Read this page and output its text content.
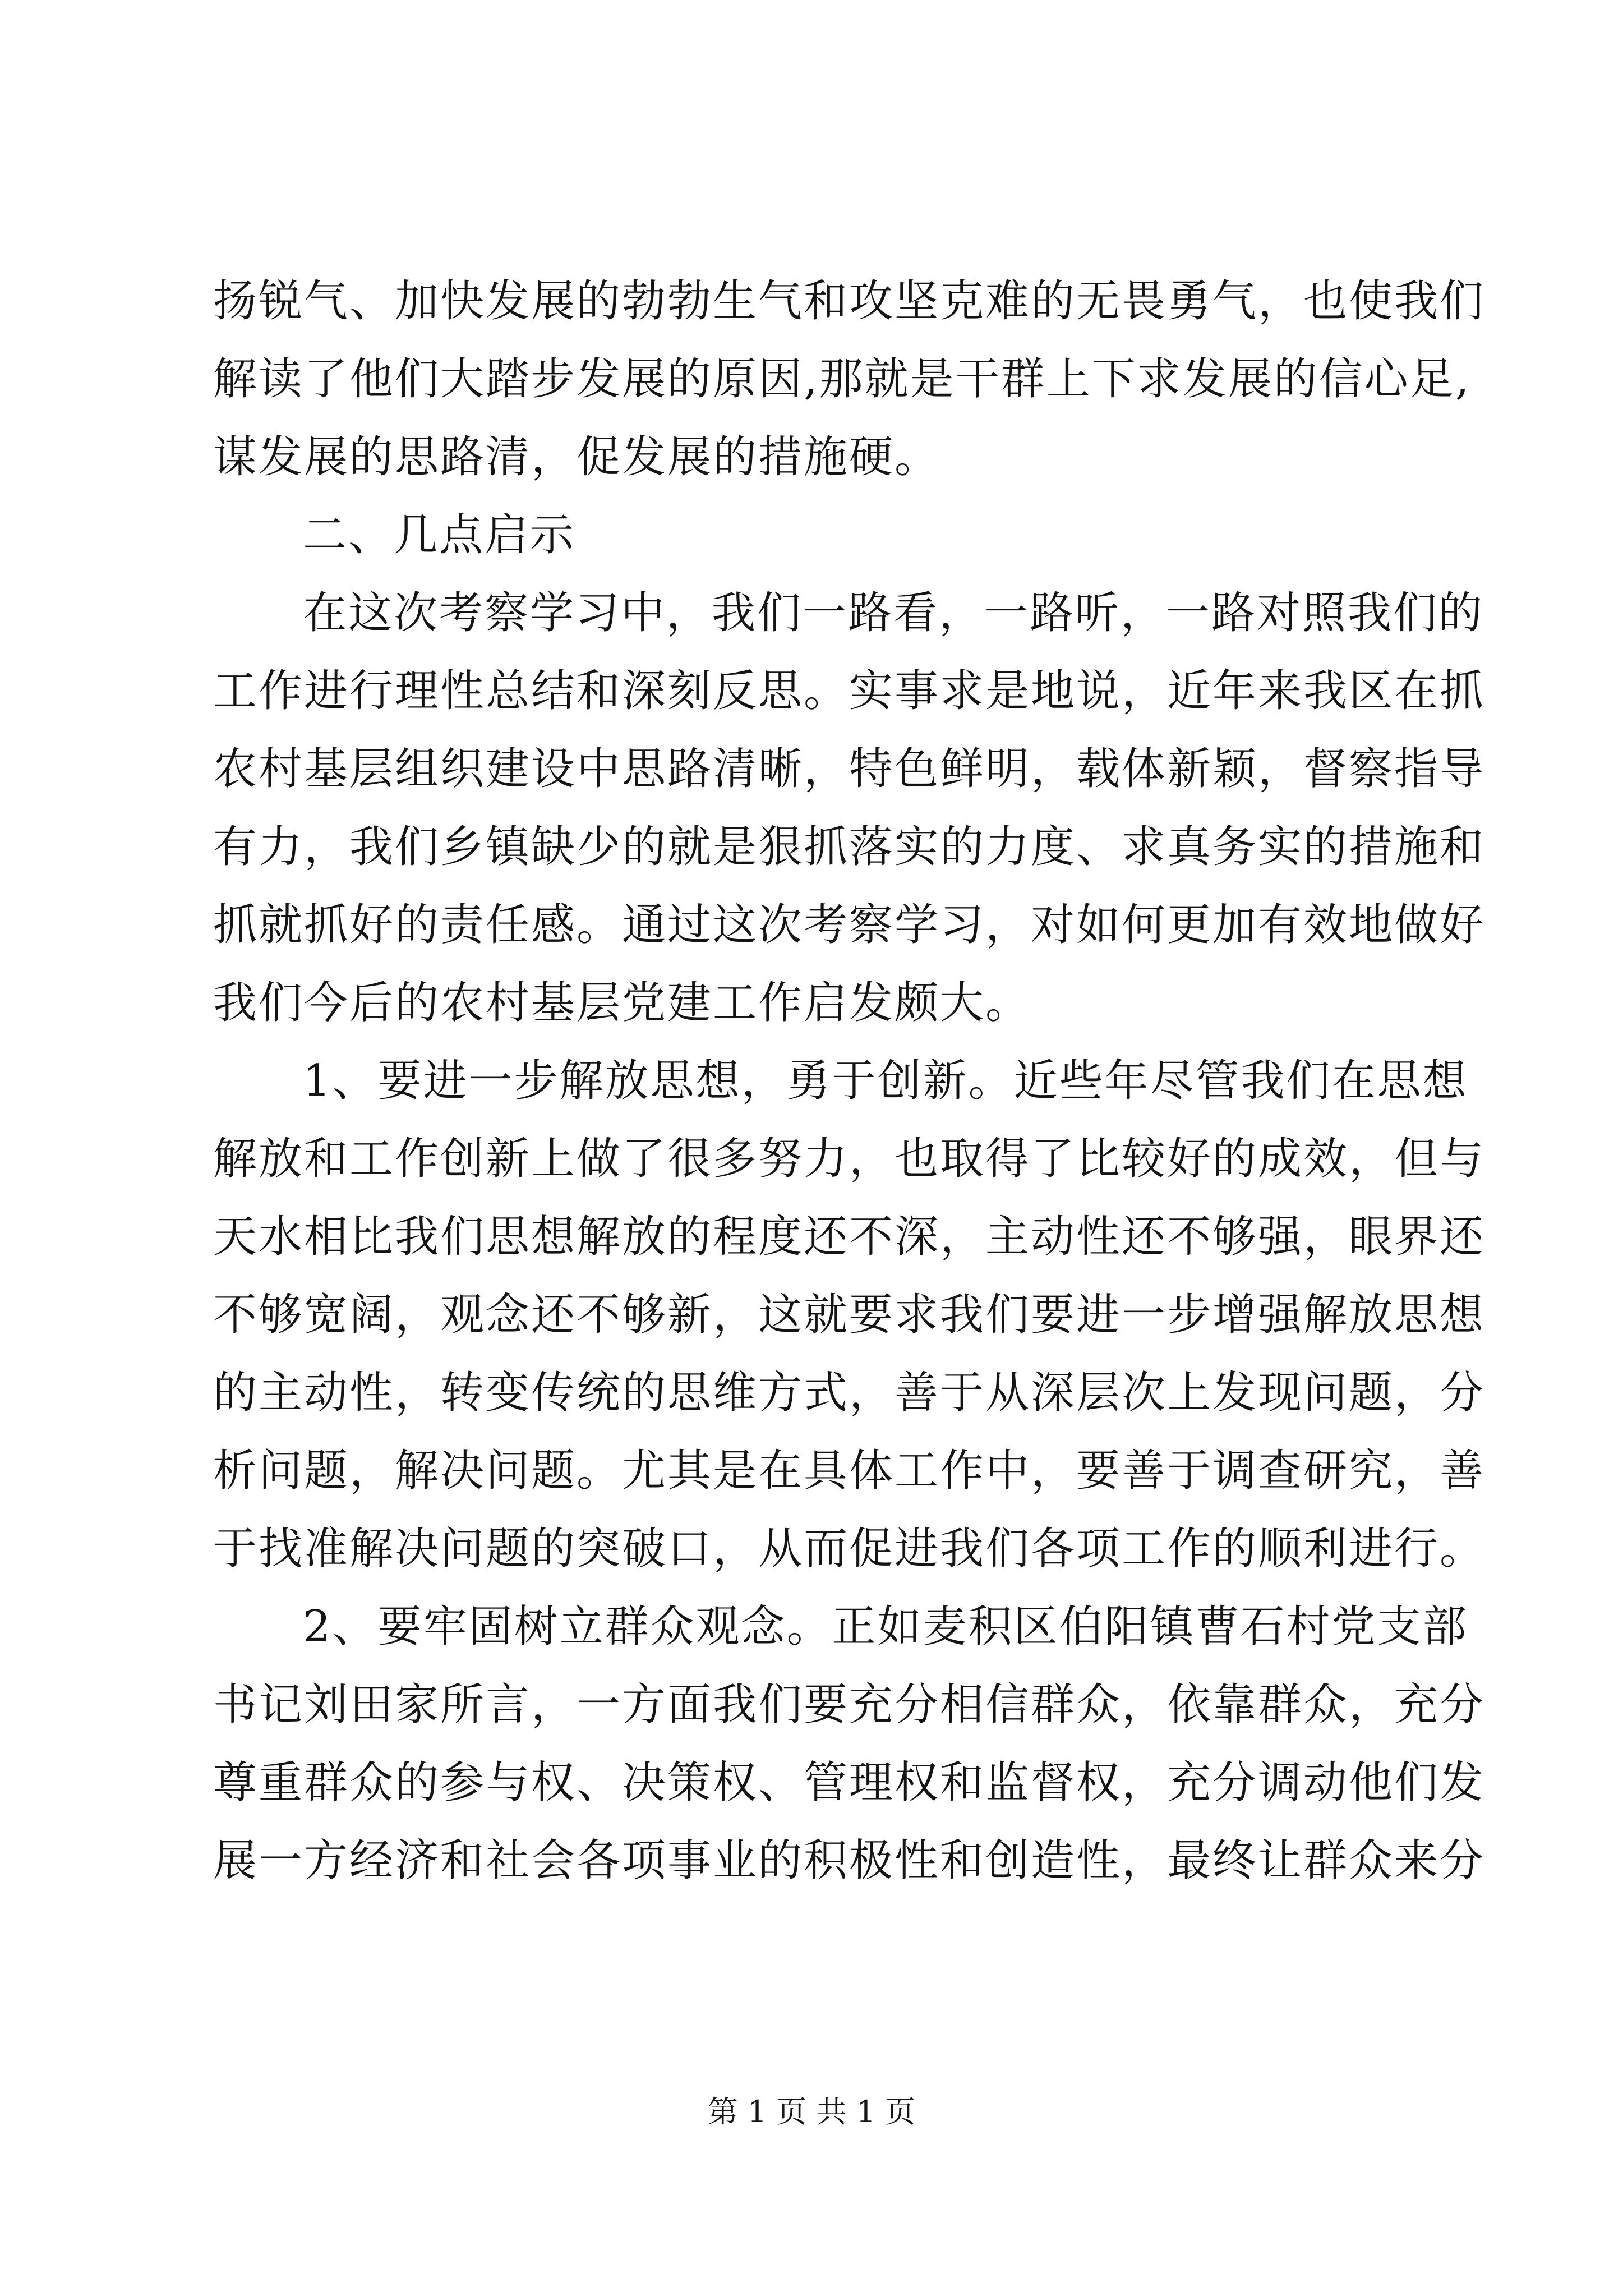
扬锐气、加快发展的勃勃生气和攻坚克难的无畏勇气，也使我们
解读了他们大踏步发展的原因,那就是干群上下求发展的信心足,
谋发展的思路清，促发展的措施硬。
二、几点启示
在这次考察学习中，我们一路看，一路听，一路对照我们的
工作进行理性总结和深刻反思。实事求是地说，近年来我区在抓
农村基层组织建设中思路清晰，特色鲜明，载体新颖，督察指导
有力，我们乡镇缺少的就是狠抓落实的力度、求真务实的措施和
抓就抓好的责任感。通过这次考察学习，对如何更加有效地做好
我们今后的农村基层党建工作启发颇大。
1、要进一步解放思想，勇于创新。近些年尽管我们在思想
解放和工作创新上做了很多努力，也取得了比较好的成效，但与
天水相比我们思想解放的程度还不深，主动性还不够强，眼界还
不够宽阔，观念还不够新，这就要求我们要进一步增强解放思想
的主动性，转变传统的思维方式，善于从深层次上发现问题，分
析问题，解决问题。尤其是在具体工作中，要善于调查研究，善
于找准解决问题的突破口，从而促进我们各项工作的顺利进行。
2、要牢固树立群众观念。正如麦积区伯阳镇曹石村党支部
书记刘田家所言，一方面我们要充分相信群众，依靠群众，充分
尊重群众的参与权、决策权、管理权和监督权，充分调动他们发
展一方经济和社会各项事业的积极性和创造性，最终让群众来分
第 1 页 共 1 页
